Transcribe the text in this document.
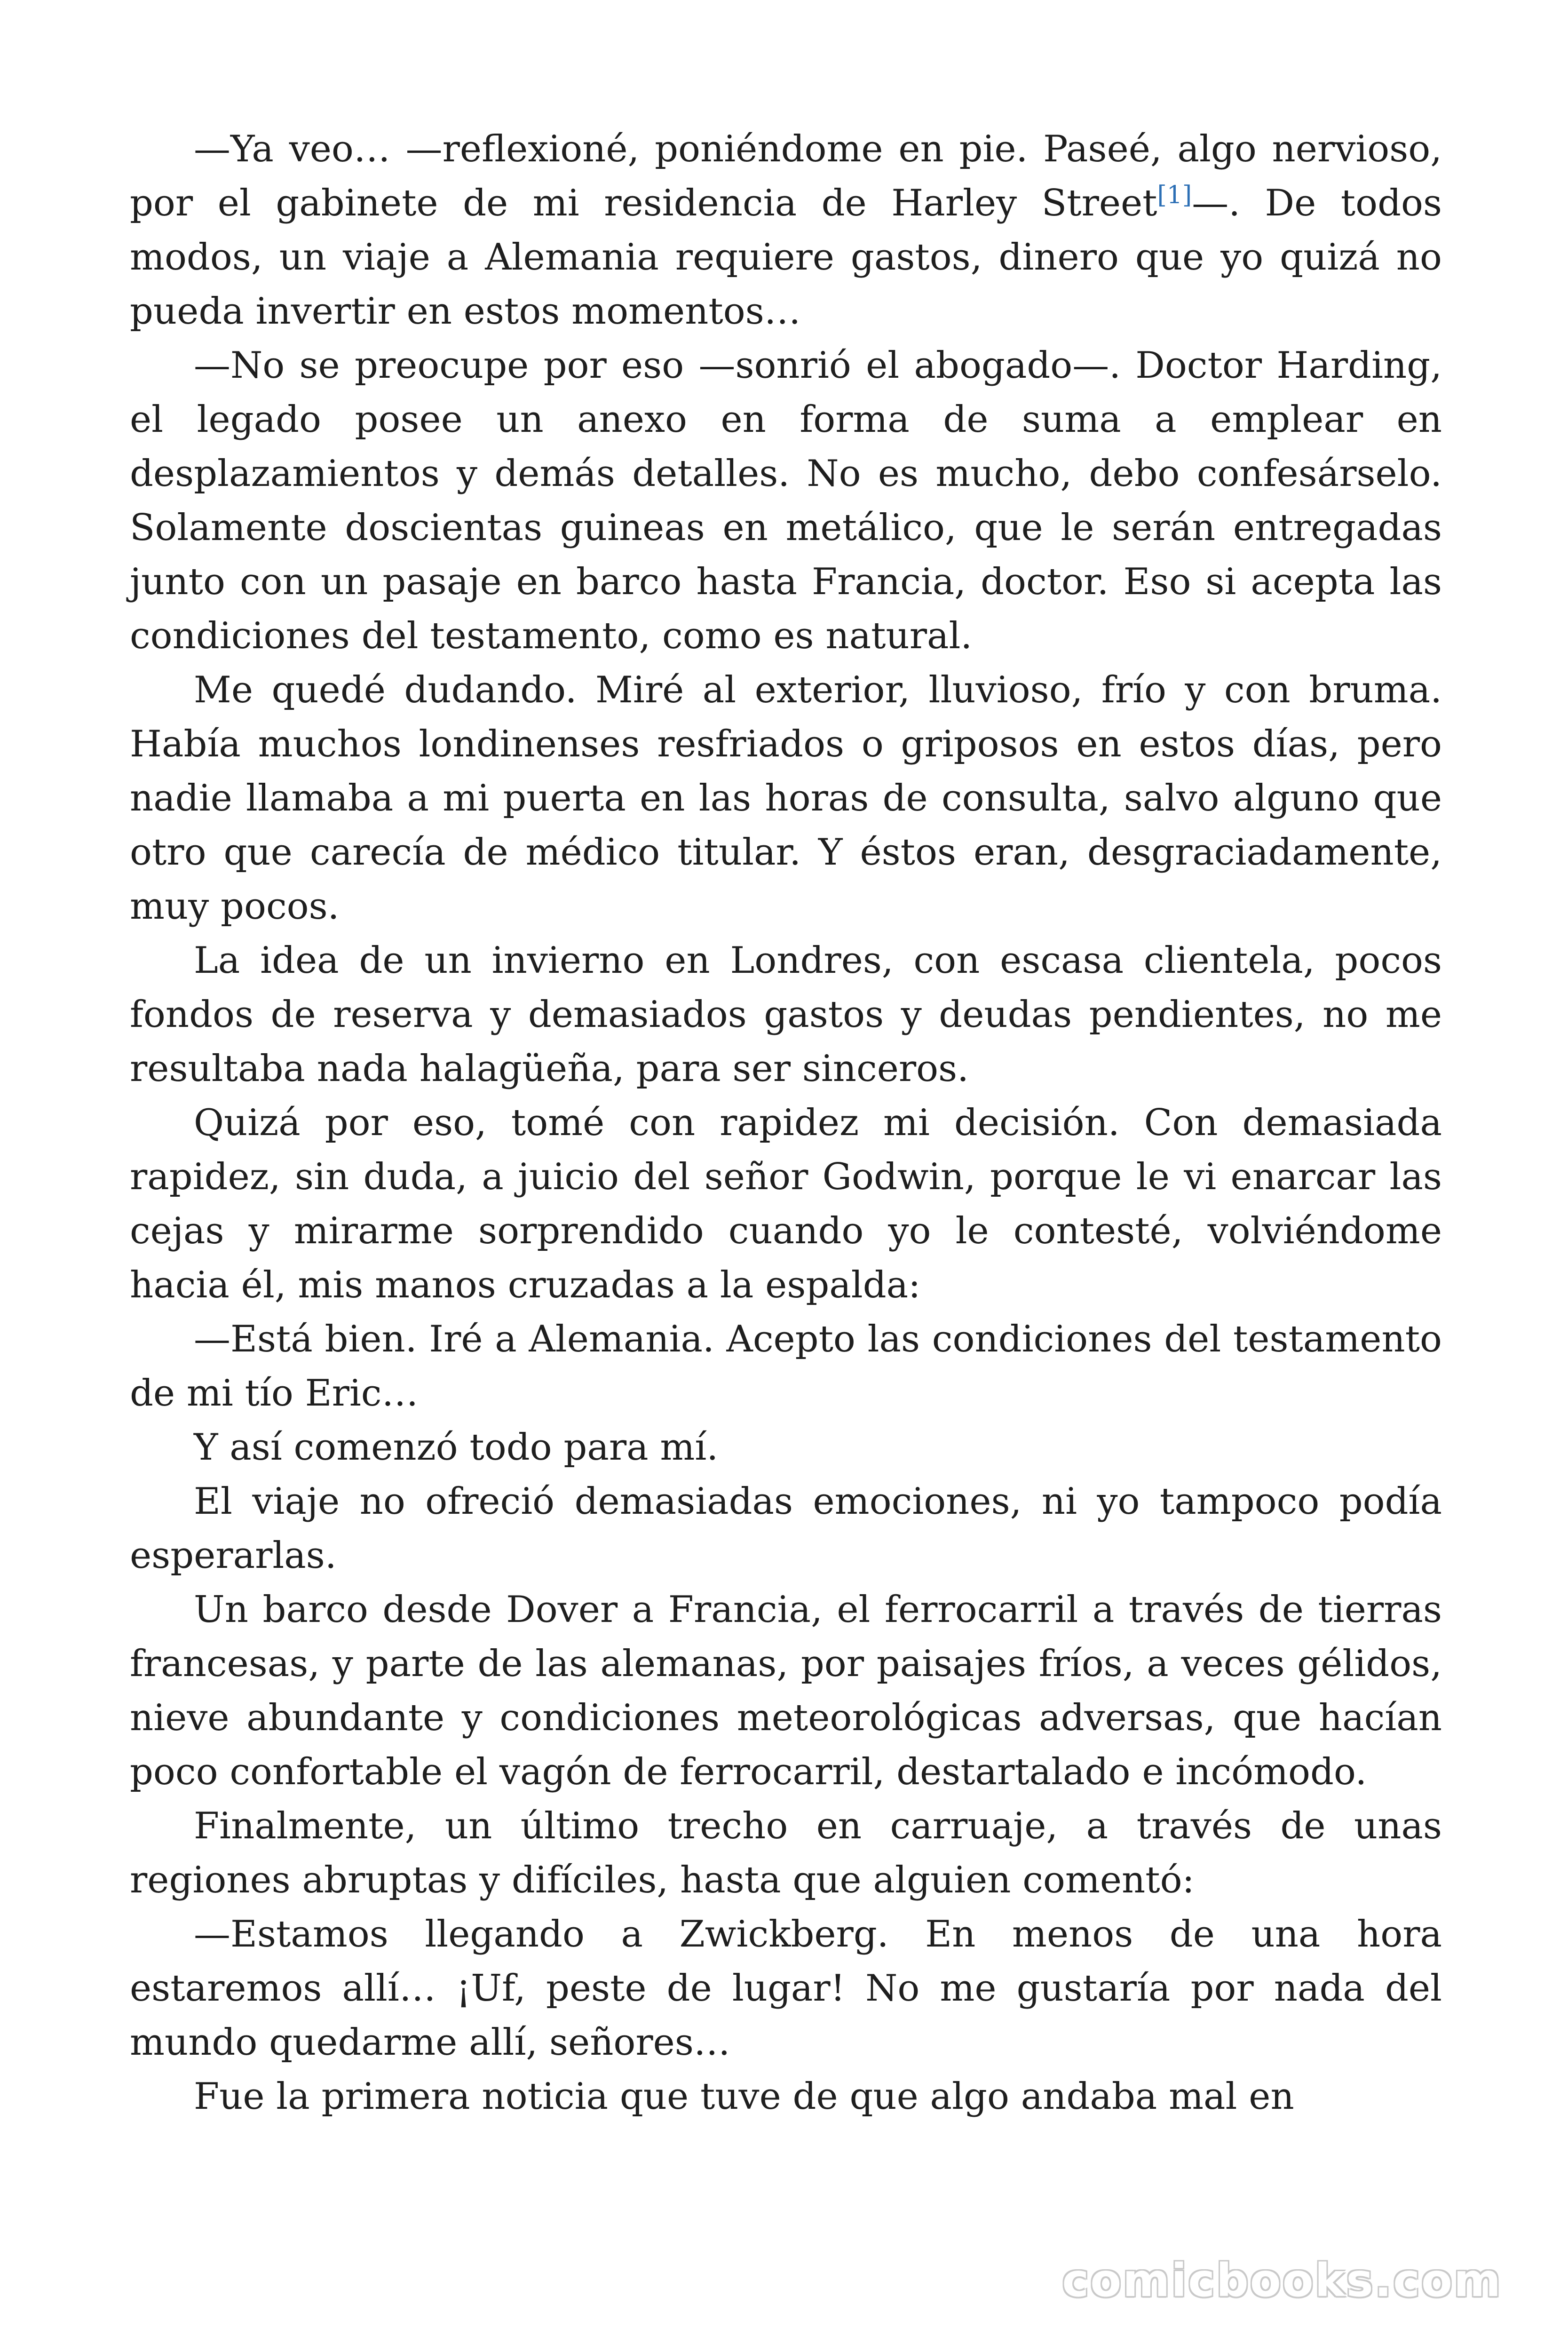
—Ya veo… —reflexioné, poniéndome en pie. Paseé, algo nervioso, por el gabinete de mi residencia de Harley Street[1]—. De todos modos, un viaje a Alemania requiere gastos, dinero que yo quizá no pueda invertir en estos momentos…

—No se preocupe por eso —sonrió el abogado—. Doctor Harding, el legado posee un anexo en forma de suma a emplear en desplazamientos y demás detalles. No es mucho, debo confesárselo. Solamente doscientas guineas en metálico, que le serán entregadas junto con un pasaje en barco hasta Francia, doctor. Eso si acepta las condiciones del testamento, como es natural.

Me quedé dudando. Miré al exterior, lluvioso, frío y con bruma. Había muchos londinenses resfriados o griposos en estos días, pero nadie llamaba a mi puerta en las horas de consulta, salvo alguno que otro que carecía de médico titular. Y éstos eran, desgraciadamente, muy pocos.

La idea de un invierno en Londres, con escasa clientela, pocos fondos de reserva y demasiados gastos y deudas pendientes, no me resultaba nada halagüeña, para ser sinceros.

Quizá por eso, tomé con rapidez mi decisión. Con demasiada rapidez, sin duda, a juicio del señor Godwin, porque le vi enarcar las cejas y mirarme sorprendido cuando yo le contesté, volviéndome hacia él, mis manos cruzadas a la espalda:

—Está bien. Iré a Alemania. Acepto las condiciones del testamento de mi tío Eric…

Y así comenzó todo para mí.

El viaje no ofreció demasiadas emociones, ni yo tampoco podía esperarlas.

Un barco desde Dover a Francia, el ferrocarril a través de tierras francesas, y parte de las alemanas, por paisajes fríos, a veces gélidos, nieve abundante y condiciones meteorológicas adversas, que hacían poco confortable el vagón de ferrocarril, destartalado e incómodo.

Finalmente, un último trecho en carruaje, a través de unas regiones abruptas y difíciles, hasta que alguien comentó:

—Estamos llegando a Zwickberg. En menos de una hora estaremos allí… ¡Uf, peste de lugar! No me gustaría por nada del mundo quedarme allí, señores…

Fue la primera noticia que tuve de que algo andaba mal en

comicbooks.com
